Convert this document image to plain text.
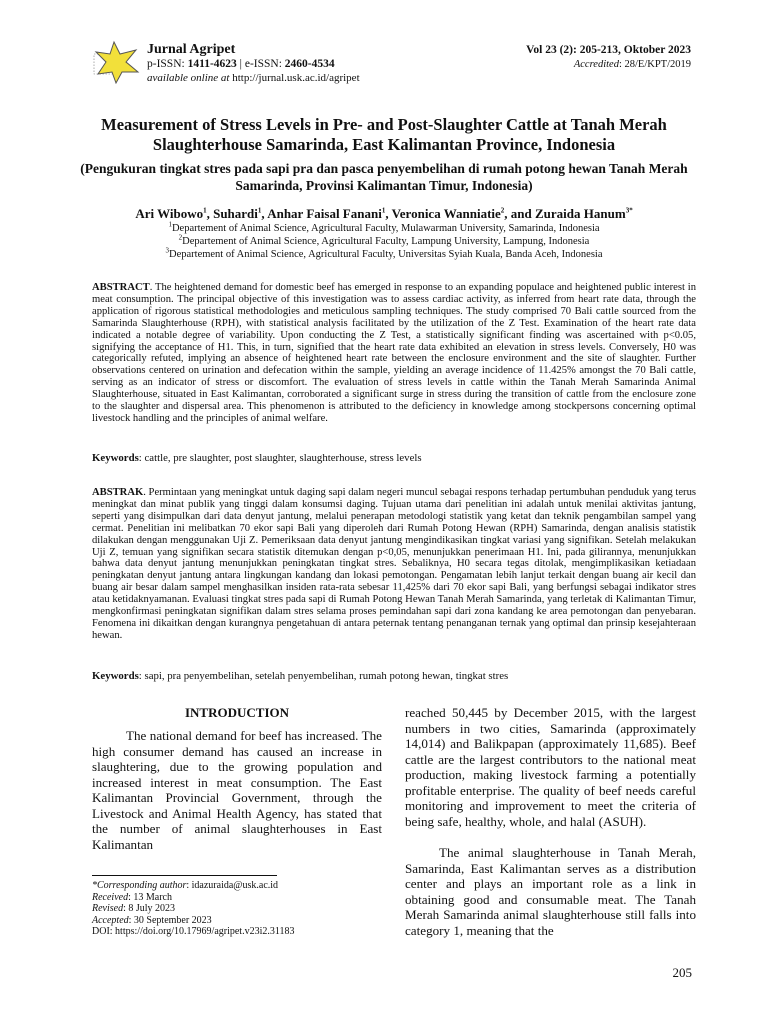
Jurnal Agripet
p-ISSN: 1411-4623 | e-ISSN: 2460-4534
available online at http://jurnal.usk.ac.id/agripet
Vol 23 (2): 205-213, Oktober 2023
Accredited: 28/E/KPT/2019
Measurement of Stress Levels in Pre- and Post-Slaughter Cattle at Tanah Merah Slaughterhouse Samarinda, East Kalimantan Province, Indonesia
(Pengukuran tingkat stres pada sapi pra dan pasca penyembelihan di rumah potong hewan Tanah Merah Samarinda, Provinsi Kalimantan Timur, Indonesia)
Ari Wibowo$^1$, Suhardi$^1$, Anhar Faisal Fanani$^1$, Veronica Wanniatie$^2$, and Zuraida Hanum$^{3*}$
$^1$Departement of Animal Science, Agricultural Faculty, Mulawarman University, Samarinda, Indonesia
$^2$Departement of Animal Science, Agricultural Faculty, Lampung University, Lampung, Indonesia
$^3$Departement of Animal Science, Agricultural Faculty, Universitas Syiah Kuala, Banda Aceh, Indonesia
ABSTRACT. The heightened demand for domestic beef has emerged in response to an expanding populace and heightened public interest in meat consumption. The principal objective of this investigation was to assess cardiac activity, as inferred from heart rate data, through the application of rigorous statistical methodologies and meticulous sampling techniques. The study comprised 70 Bali cattle sourced from the Samarinda Slaughterhouse (RPH), with statistical analysis facilitated by the utilization of the Z Test. Examination of the heart rate data indicated a notable degree of variability. Upon conducting the Z Test, a statistically significant finding was ascertained with p<0.05, signifying the acceptance of H1. This, in turn, signified that the heart rate data exhibited an elevation in stress levels. Conversely, H0 was categorically refuted, implying an absence of heightened heart rate between the enclosure environment and the site of slaughter. Further observations centered on urination and defecation within the sample, yielding an average incidence of 11.425% amongst the 70 Bali cattle, serving as an indicator of stress or discomfort. The evaluation of stress levels in cattle within the Tanah Merah Samarinda Animal Slaughterhouse, situated in East Kalimantan, corroborated a significant surge in stress during the transition of cattle from the enclosure zone to the slaughter and dispersal area. This phenomenon is attributed to the deficiency in knowledge among stockpersons concerning optimal livestock handling and the principles of animal welfare.
Keywords: cattle, pre slaughter, post slaughter, slaughterhouse, stress levels
ABSTRAK. Permintaan yang meningkat untuk daging sapi dalam negeri muncul sebagai respons terhadap pertumbuhan penduduk yang terus meningkat dan minat publik yang tinggi dalam konsumsi daging. Tujuan utama dari penelitian ini adalah untuk menilai aktivitas jantung, seperti yang disimpulkan dari data denyut jantung, melalui penerapan metodologi statistik yang ketat dan teknik pengambilan sampel yang cermat. Penelitian ini melibatkan 70 ekor sapi Bali yang diperoleh dari Rumah Potong Hewan (RPH) Samarinda, dengan analisis statistik dilakukan dengan menggunakan Uji Z. Pemeriksaan data denyut jantung mengindikasikan tingkat variasi yang signifikan. Setelah melakukan Uji Z, temuan yang signifikan secara statistik ditemukan dengan p<0,05, menunjukkan penerimaan H1. Ini, pada gilirannya, menunjukkan bahwa data denyut jantung menunjukkan peningkatan tingkat stres. Sebaliknya, H0 secara tegas ditolak, mengimplikasikan ketiadaan peningkatan denyut jantung antara lingkungan kandang dan lokasi pemotongan. Pengamatan lebih lanjut terkait dengan buang air kecil dan buang air besar dalam sampel menghasilkan insiden rata-rata sebesar 11,425% dari 70 ekor sapi Bali, yang berfungsi sebagai indikator stres atau ketidaknyamanan. Evaluasi tingkat stres pada sapi di Rumah Potong Hewan Tanah Merah Samarinda, yang terletak di Kalimantan Timur, mengkonfirmasi peningkatan signifikan dalam stres selama proses pemindahan sapi dari zona kandang ke area pemotongan dan penyebaran. Fenomena ini dikaitkan dengan kurangnya pengetahuan di antara peternak tentang penanganan ternak yang optimal dan prinsip kesejahteraan hewan.
Keywords: sapi, pra penyembelihan, setelah penyembelihan, rumah potong hewan, tingkat stres
INTRODUCTION
The national demand for beef has increased. The high consumer demand has caused an increase in slaughtering, due to the growing population and increased interest in meat consumption. The East Kalimantan Provincial Government, through the Livestock and Animal Health Agency, has stated that the number of animal slaughterhouses in East Kalimantan
reached 50,445 by December 2015, with the largest numbers in two cities, Samarinda (approximately 14,014) and Balikpapan (approximately 11,685). Beef cattle are the largest contributors to the national meat production, making livestock farming a potentially profitable enterprise. The quality of beef needs careful monitoring and improvement to meet the criteria of being safe, healthy, whole, and halal (ASUH).
The animal slaughterhouse in Tanah Merah, Samarinda, East Kalimantan serves as a distribution center and plays an important role as a link in obtaining good and consumable meat. The Tanah Merah Samarinda animal slaughterhouse still falls into category 1, meaning that the
*Corresponding author: idazuraida@usk.ac.id
Received: 13 March
Revised: 8 July 2023
Accepted: 30 September 2023
DOI: https://doi.org/10.17969/agripet.v23i2.31183
205
